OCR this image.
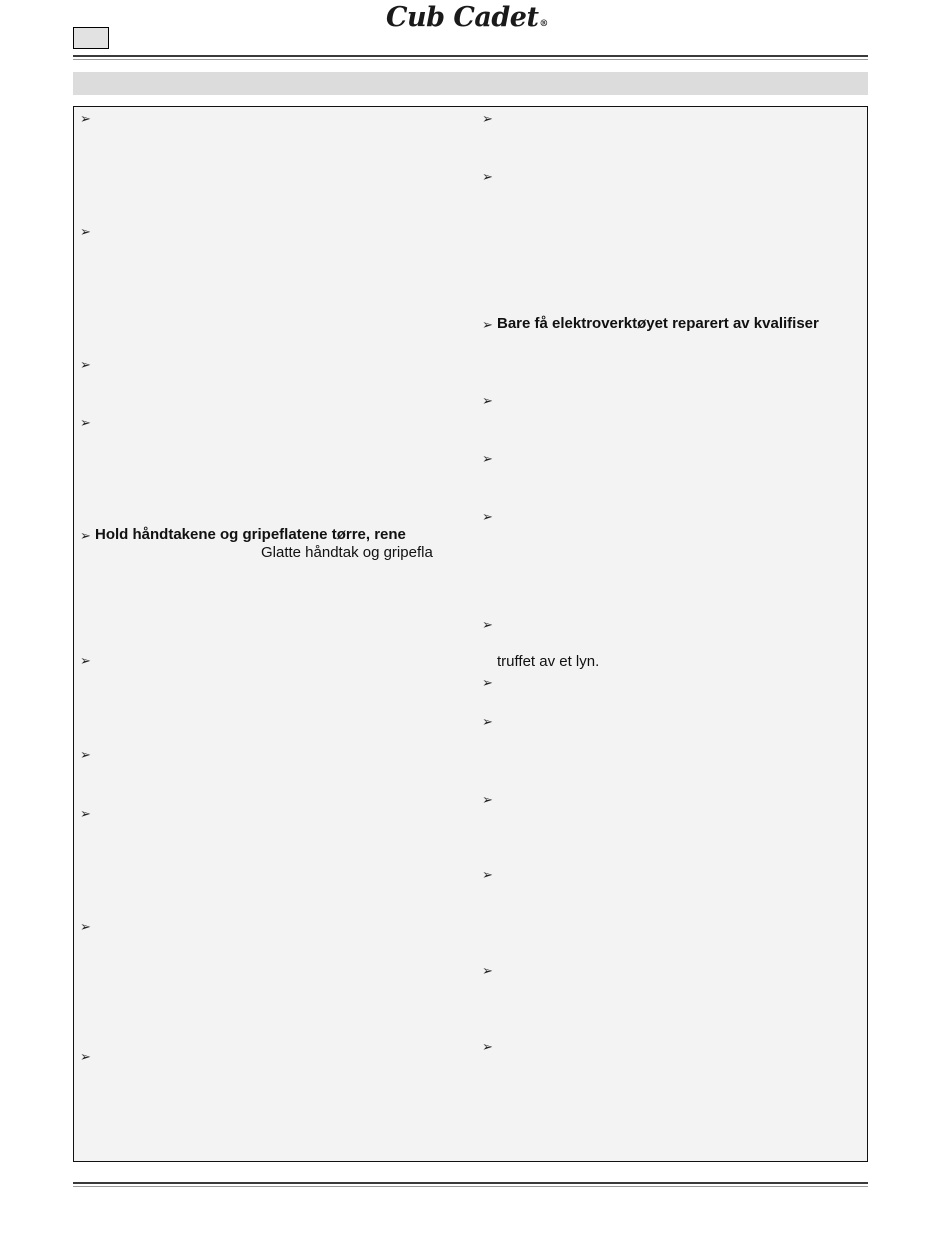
Cub Cadet®
➢
➢
➢
➢
➢ Hold håndtakene og gripeflatene tørre, rene
Glatte håndtak og gripefla
➢
➢
➢
➢
➢
➢
➢
➢ Bare få elektroverktøyet reparert av kvalifiser
➢
➢
➢
➢
truffet av et lyn.
➢
➢
➢
➢
➢
➢
